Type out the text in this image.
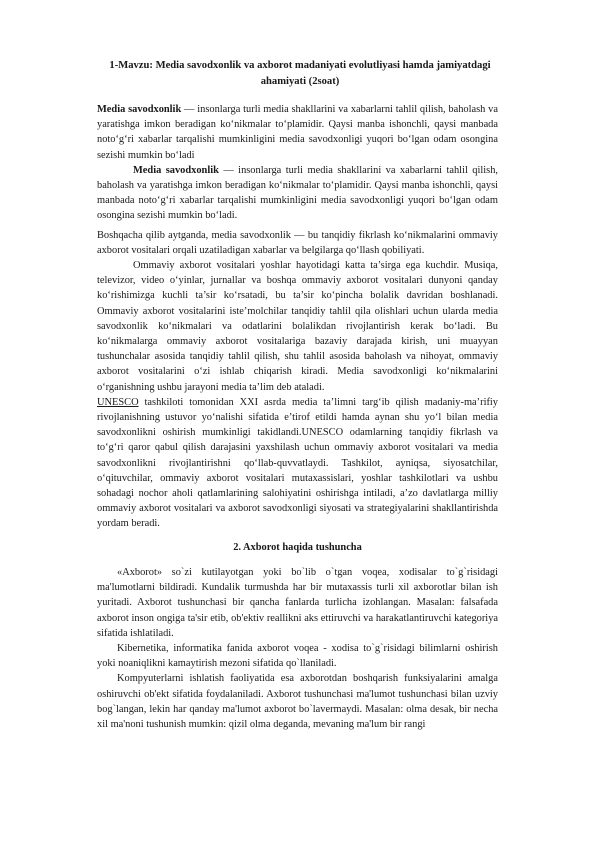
1-Mavzu: Media savodxonlik va axborot madaniyati evolutliyasi hamda jamiyatdagi ahamiyati (2soat)

Media savodxonlik — insonlarga turli media shakllarini va xabarlarni tahlil qilish, baholash va yaratishga imkon beradigan ko‘nikmalar to‘plamidir. Qaysi manba ishonchli, qaysi manbada noto‘g‘ri xabarlar tarqalishi mumkinligini media savodxonligi yuqori bo‘lgan odam osongina sezishi mumkin bo‘ladi

Media savodxonlik — insonlarga turli media shakllarini va xabarlarni tahlil qilish, baholash va yaratishga imkon beradigan ko‘nikmalar to‘plamidir. Qaysi manba ishonchli, qaysi manbada noto‘g‘ri xabarlar tarqalishi mumkinligini media savodxonligi yuqori bo‘lgan odam osongina sezishi mumkin bo‘ladi.

Boshqacha qilib aytganda, media savodxonlik — bu tanqidiy fikrlash ko‘nikmalarini ommaviy axborot vositalari orqali uzatiladigan xabarlar va belgilarga qo‘llash qobiliyati.

Ommaviy axborot vositalari yoshlar hayotidagi katta ta’sirga ega kuchdir. Musiqa, televizor, video o‘yinlar, jurnallar va boshqa ommaviy axborot vositalari dunyoni qanday ko‘rishimizga kuchli ta’sir ko‘rsatadi, bu ta’sir ko‘pincha bolalik davridan boshlanadi. Ommaviy axborot vositalarini iste’molchilar tanqidiy tahlil qila olishlari uchun ularda media savodxonlik ko‘nikmalari va odatlarini bolalikdan rivojlantirish kerak bo‘ladi. Bu ko‘nikmalarga ommaviy axborot vositalariga bazaviy darajada kirish, uni muayyan tushunchalar asosida tanqidiy tahlil qilish, shu tahlil asosida baholash va nihoyat, ommaviy axborot vositalarini o‘zi ishlab chiqarish kiradi. Media savodxonligi ko‘nikmalarini o‘rganishning ushbu jarayoni media ta’lim deb ataladi.

UNESCO tashkiloti tomonidan XXI asrda media ta’limni targ‘ib qilish madaniy-ma’rifiy rivojlanishning ustuvor yo‘nalishi sifatida e’tirof etildi hamda aynan shu yo‘l bilan media savodxonlikni oshirish mumkinligi takidlandi.UNESCO odamlarning tanqidiy fikrlash va to‘g‘ri qaror qabul qilish darajasini yaxshilash uchun ommaviy axborot vositalari va media savodxonlikni rivojlantirishni qo‘llab-quvvatlaydi. Tashkilot, ayniqsa, siyosatchilar, o‘qituvchilar, ommaviy axborot vositalari mutaxassislari, yoshlar tashkilotlari va ushbu sohadagi nochor aholi qatlamlarining salohiyatini oshirishga intiladi, a’zo davlatlarga milliy ommaviy axborot vositalari va axborot savodxonligi siyosati va strategiyalarini shakllantirishda yordam beradi.

2. Axborot haqida tushuncha

«Axborot» so`zi kutilayotgan yoki bo`lib o`tgan voqea, xodisalar to`g`risidagi ma'lumotlarni bildiradi. Kundalik turmushda har bir mutaxassis turli xil axborotlar bilan ish yuritadi. Axborot tushunchasi bir qancha fanlarda turlicha izohlangan. Masalan: falsafada axborot inson ongiga ta'sir etib, ob'ektiv reallikni aks ettiruvchi va harakatlantiruvchi kategoriya sifatida ishlatiladi.

Kibernetika, informatika fanida axborot voqea - xodisa to`g`risidagi bilimlarni oshirish yoki noaniqlikni kamaytirish mezoni sifatida qo`llaniladi.

Kompyuterlarni ishlatish faoliyatida esa axborotdan boshqarish funksiyalarini amalga oshiruvchi ob'ekt sifatida foydalaniladi. Axborot tushunchasi ma'lumot tushunchasi bilan uzviy bog`langan, lekin har qanday ma'lumot axborot bo`lavermaydi. Masalan: olma desak, bir necha xil ma'noni tushunish mumkin: qizil olma deganda, mevaning ma'lum bir rangi
